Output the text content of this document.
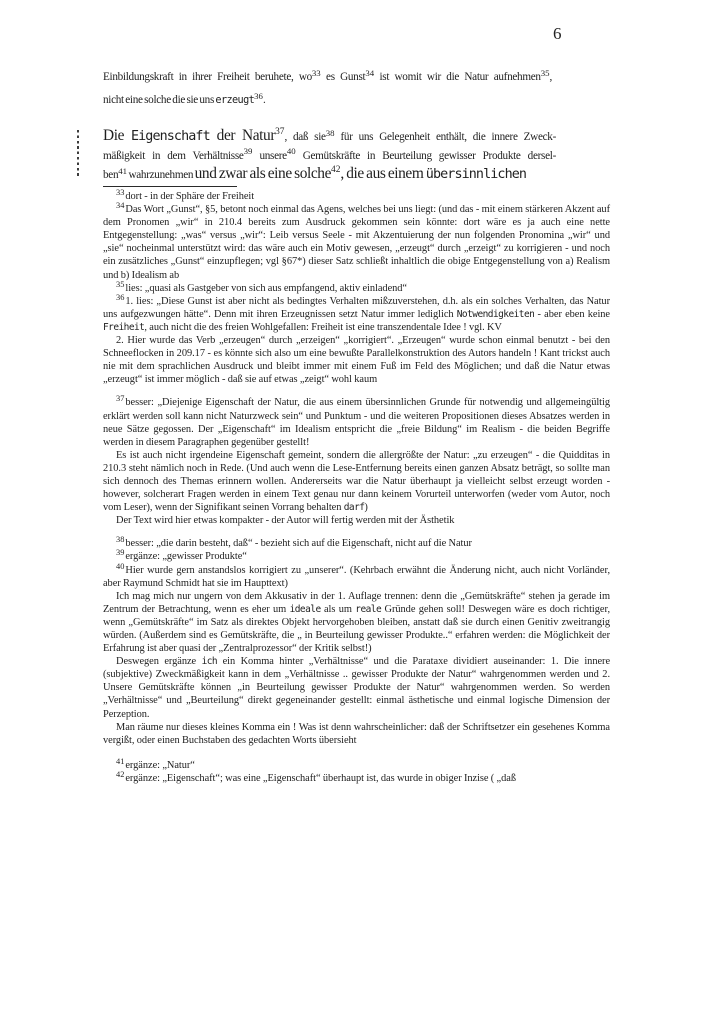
6
Einbildungskraft in ihrer Freiheit beruhete, $wo^{33}$ es Gunst$^{34}$ ist womit wir die Natur aufnehmen$^{35}$,
nicht eine solche die sie uns erzeugt$^{36}$.
Die Eigenschaft der Natur$^{37}$, daß sie$^{38}$ für uns Gelegenheit enthält, die innere Zweck-
mäßigkeit in dem Verhältnisse$^{39}$ unsere$^{40}$ Gemütskräfte in Beurteilung gewisser Produkte dersel-
ben$^{41}$ wahrzunehmen und zwar als eine solche$^{42}$, die aus einem übersinnlichen
$^{33}$dort - in der Sphäre der Freiheit
$^{34}$Das Wort „Gunst“, §5, betont noch einmal das Agens, welches bei uns liegt: (und das - mit einem stärkeren Akzent auf dem Pronomen „wir“ in 210.4 bereits zum Ausdruck gekommen sein könnte: dort wäre es ja auch eine nette Entgegenstellung: „was“ versus „wir“: Leib versus Seele - mit Akzentuierung der nun folgenden Pronomina „wir“ und „sie“ nocheinmal unterstützt wird: das wäre auch ein Motiv gewesen, „erzeugt“ durch „erzeigt“ zu korrigieren - und noch ein zusätzliches „Gunst“ einzupflegen; vgl §67*) dieser Satz schließt inhaltlich die obige Entgegenstellung von a) Realism und b) Idealism ab
$^{35}$lies: „quasi als Gastgeber von sich aus empfangend, aktiv einladend“
$^{36}$1. lies: „Diese Gunst ist aber nicht als bedingtes Verhalten mißzuverstehen, d.h. als ein solches Verhalten, das Natur uns aufgezwungen hätte“. Denn mit ihren Erzeugnissen setzt Natur immer lediglich Notwendigkeiten - aber eben keine Freiheit, auch nicht die des freien Wohlgefallen: Freiheit ist eine transzendentale Idee ! vgl. KV
2. Hier wurde das Verb „erzeugen“ durch „erzeigen“ „korrigiert“. „Erzeugen“ wurde schon einmal benutzt - bei den Schneeflocken in 209.17 - es könnte sich also um eine bewußte Parallelkonstruktion des Autors handeln ! Kant trickst auch nie mit dem sprachlichen Ausdruck und bleibt immer mit einem Fuß im Feld des Möglichen; und daß die Natur etwas „erzeugt“ ist immer möglich - daß sie auf etwas „zeigt“ wohl kaum
$^{37}$besser: „Diejenige Eigenschaft der Natur, die aus einem übersinnlichen Grunde für notwendig und allgemeingültig erklärt werden soll kann nicht Naturzweck sein“ und Punktum - und die weiteren Propositionen dieses Absatzes werden in neue Sätze gegossen. Der „Eigenschaft“ im Idealism entspricht die „freie Bildung“ im Realism - die beiden Begriffe werden in diesem Paragraphen gegenüber gestellt!
Es ist auch nicht irgendeine Eigenschaft gemeint, sondern die allergrößte der Natur: „zu erzeugen“ - die Quidditas in 210.3 steht nämlich noch in Rede. (Und auch wenn die Lese-Entfernung bereits einen ganzen Absatz beträgt, so sollte man sich dennoch des Themas erinnern wollen. Andererseits war die Natur überhaupt ja vielleicht selbst erzeugt worden - however, solcherart Fragen werden in einem Text genau nur dann keinem Vorurteil unterworfen (weder vom Autor, noch vom Leser), wenn der Signifikant seinen Vorrang behalten darf)
Der Text wird hier etwas kompakter - der Autor will fertig werden mit der Ästhetik
$^{38}$besser: „die darin besteht, daß“ - bezieht sich auf die Eigenschaft, nicht auf die Natur
$^{39}$ergänze: „gewisser Produkte“
$^{40}$Hier wurde gern anstandslos korrigiert zu „unserer“. (Kehrbach erwähnt die Änderung nicht, auch nicht Vorländer, aber Raymund Schmidt hat sie im Haupttext)
Ich mag mich nur ungern von dem Akkusativ in der 1. Auflage trennen: denn die „Gemütskräfte“ stehen ja gerade im Zentrum der Betrachtung, wenn es eher um ideale als um reale Gründe gehen soll! Deswegen wäre es doch richtiger, wenn „Gemütskräfte“ im Satz als direktes Objekt hervorgehoben bleiben, anstatt daß sie durch einen Genitiv zweitrangig würden. (Außerdem sind es Gemütskräfte, die „ in Beurteilung gewisser Produkte..“ erfahren werden: die Möglichkeit der Erfahrung ist aber quasi der „Zentralprozessor“ der Kritik selbst!)
Deswegen ergänze ich ein Komma hinter „Verhältnisse“ und die Parataxe dividiert auseinander: 1. Die innere (subjektive) Zweckmäßigkeit kann in dem „Verhältnisse .. gewisser Produkte der Natur“ wahrgenommen werden und 2. Unsere Gemütskräfte können „in Beurteilung gewisser Produkte der Natur“ wahrgenommen werden. So werden „Verhältnisse“ und „Beurteilung“ direkt gegeneinander gestellt: einmal ästhetische und einmal logische Dimension der Perzeption.
Man räume nur dieses kleines Komma ein ! Was ist denn wahrscheinlicher: daß der Schriftsetzer ein gesehenes Komma vergißt, oder einen Buchstaben des gedachten Worts übersieht
$^{41}$ergänze: „Natur“
$^{42}$ergänze: „Eigenschaft“; was eine „Eigenschaft“ überhaupt ist, das wurde in obiger Inzise ( „daß
